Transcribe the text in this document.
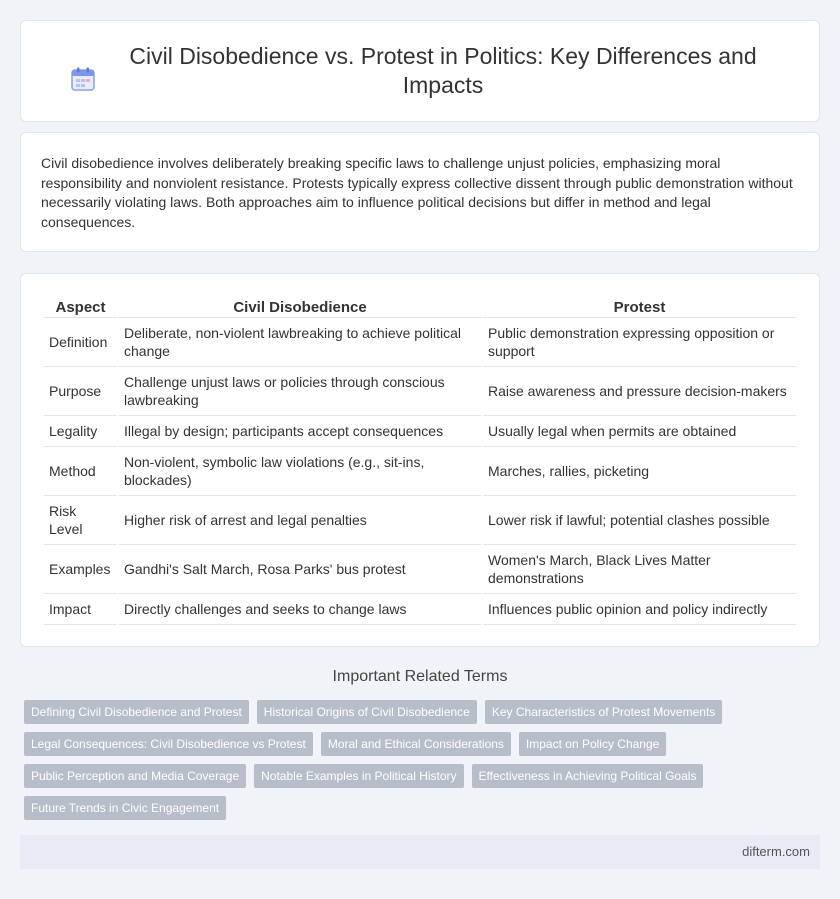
Civil Disobedience vs. Protest in Politics: Key Differences and Impacts

Civil disobedience involves deliberately breaking specific laws to challenge unjust policies, emphasizing moral responsibility and nonviolent resistance. Protests typically express collective dissent through public demonstration without necessarily violating laws. Both approaches aim to influence political decisions but differ in method and legal consequences.

Aspect	Civil Disobedience	Protest
Definition	Deliberate, non-violent lawbreaking to achieve political change	Public demonstration expressing opposition or support
Purpose	Challenge unjust laws or policies through conscious lawbreaking	Raise awareness and pressure decision-makers
Legality	Illegal by design; participants accept consequences	Usually legal when permits are obtained
Method	Non-violent, symbolic law violations (e.g., sit-ins, blockades)	Marches, rallies, picketing
Risk Level	Higher risk of arrest and legal penalties	Lower risk if lawful; potential clashes possible
Examples	Gandhi's Salt March, Rosa Parks' bus protest	Women's March, Black Lives Matter demonstrations
Impact	Directly challenges and seeks to change laws	Influences public opinion and policy indirectly
Important Related Terms
Defining Civil Disobedience and Protest	Historical Origins of Civil Disobedience	Key Characteristics of Protest Movements
Legal Consequences: Civil Disobedience vs Protest	Moral and Ethical Considerations	Impact on Policy Change
Public Perception and Media Coverage	Notable Examples in Political History	Effectiveness in Achieving Political Goals
Future Trends in Civic Engagement
difterm.com
